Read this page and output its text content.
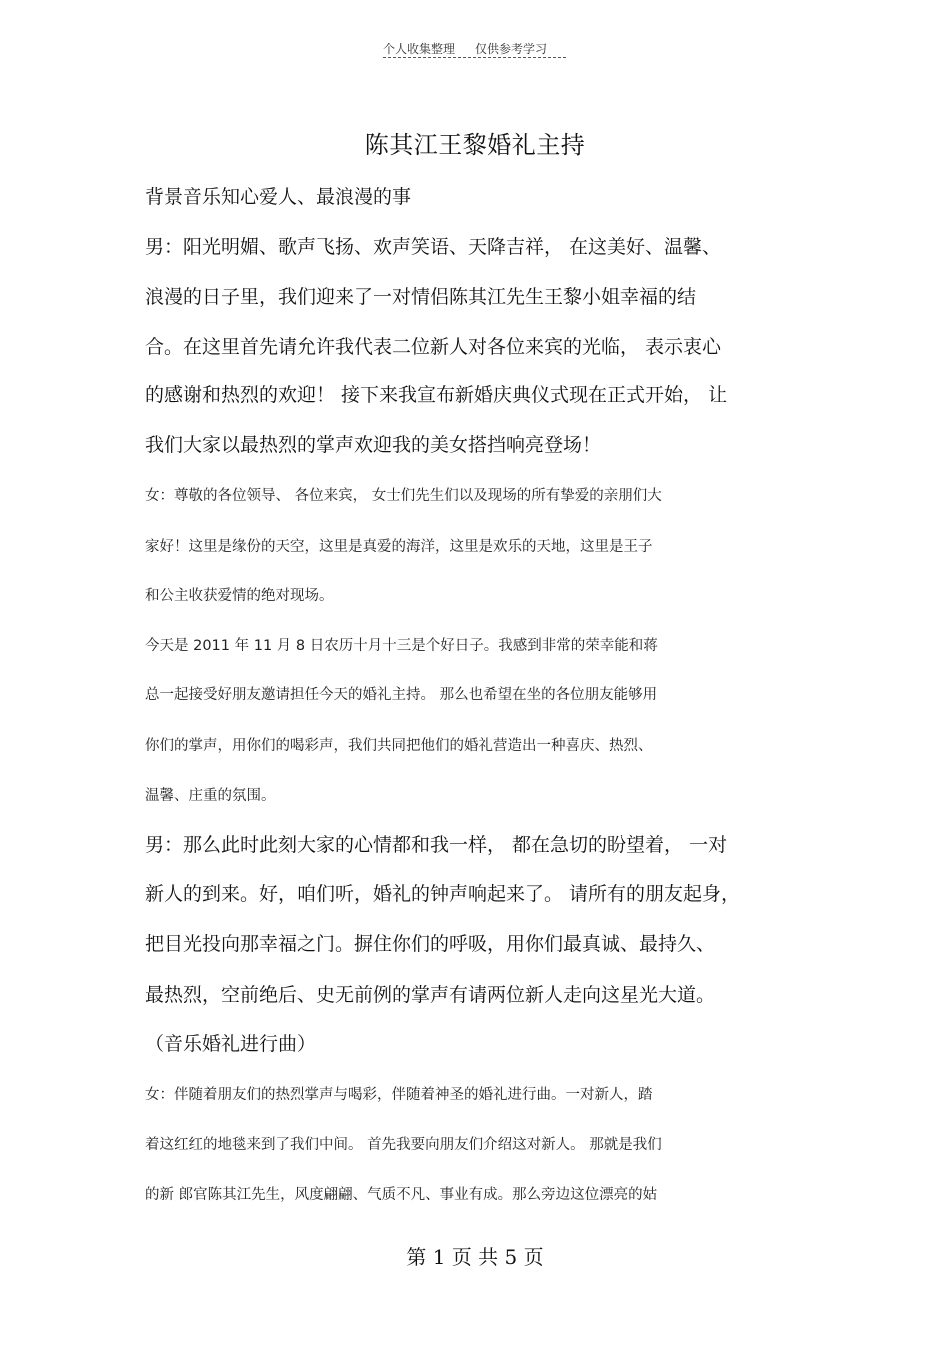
个人收集整理 仅供参考学习
陈其江王黎婚礼主持
背景音乐知心爱人、最浪漫的事
男：阳光明媚、歌声飞扬、欢声笑语、天降吉祥， 在这美好、温馨、
浪漫的日子里，我们迎来了一对情侣陈其江先生王黎小姐幸福的结
合。在这里首先请允许我代表二位新人对各位来宾的光临， 表示衷心
的感谢和热烈的欢迎！ 接下来我宣布新婚庆典仪式现在正式开始， 让
我们大家以最热烈的掌声欢迎我的美女搭挡响亮登场！
女：尊敬的各位领导、 各位来宾， 女士们先生们以及现场的所有挚爱的亲朋们大
家好！这里是缘份的天空，这里是真爱的海洋，这里是欢乐的天地，这里是王子
和公主收获爱情的绝对现场。
今天是 2011 年 11 月 8 日农历十月十三是个好日子。我感到非常的荣幸能和蒋
总一起接受好朋友邀请担任今天的婚礼主持。 那么也希望在坐的各位朋友能够用
你们的掌声，用你们的喝彩声，我们共同把他们的婚礼营造出一种喜庆、热烈、
温馨、庄重的氛围。
男：那么此时此刻大家的心情都和我一样， 都在急切的盼望着， 一对
新人的到来。好，咱们听，婚礼的钟声响起来了。 请所有的朋友起身，
把目光投向那幸福之门。摒住你们的呼吸，用你们最真诚、最持久、
最热烈，空前绝后、史无前例的掌声有请两位新人走向这星光大道。
（音乐婚礼进行曲）
女：伴随着朋友们的热烈掌声与喝彩，伴随着神圣的婚礼进行曲。一对新人，踏
着这红红的地毯来到了我们中间。 首先我要向朋友们介绍这对新人。 那就是我们
的新 郎官陈其江先生，风度翩翩、气质不凡、事业有成。那么旁边这位漂亮的姑
第 1 页 共 5 页
